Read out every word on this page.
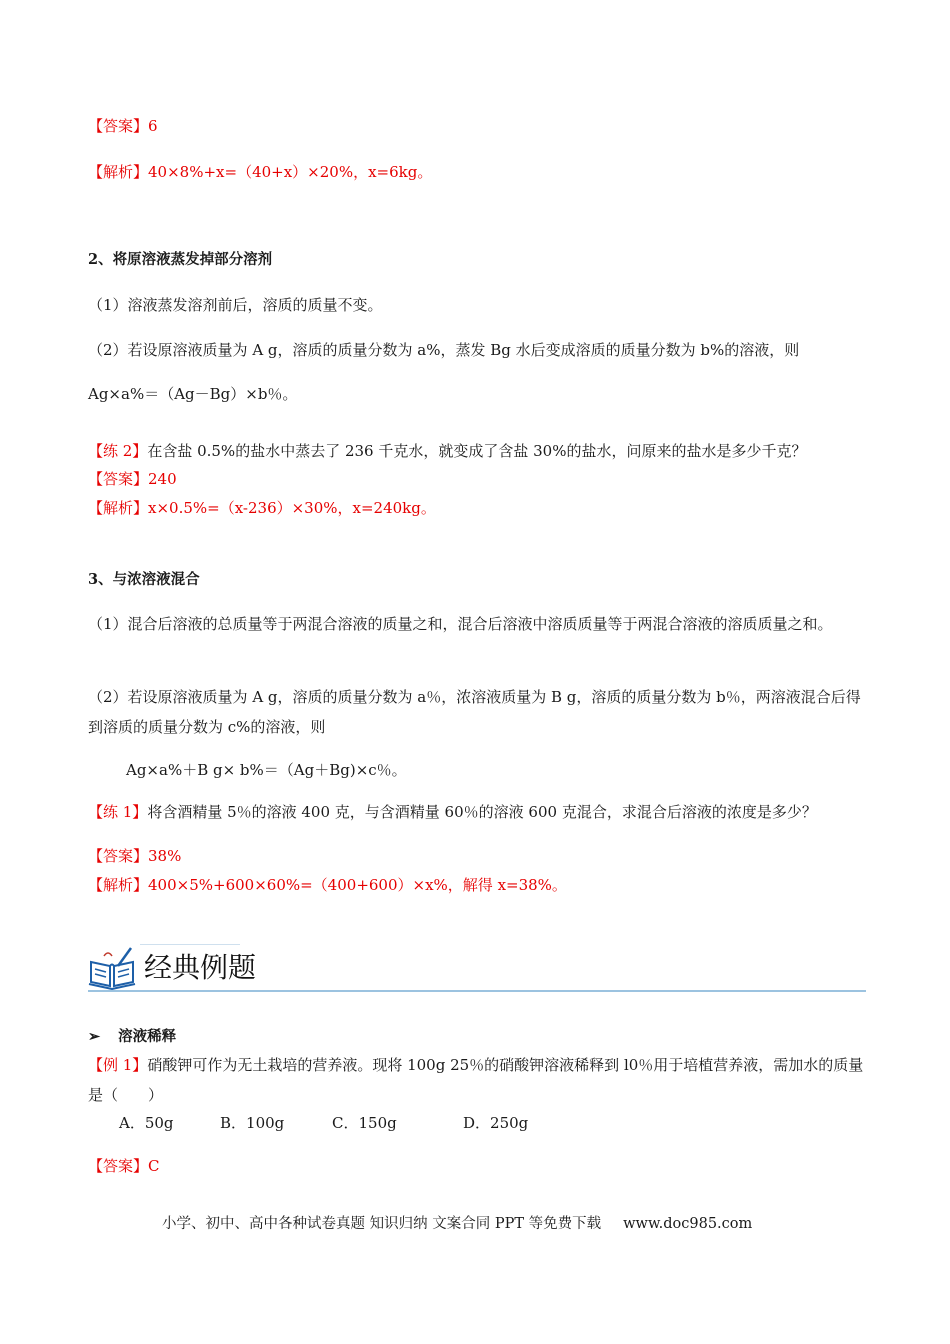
【答案】6
【解析】40×8%+x=（40+x）×20%，x=6kg。
2、将原溶液蒸发掉部分溶剂
（1）溶液蒸发溶剂前后，溶质的质量不变。
（2）若设原溶液质量为 A g，溶质的质量分数为 a%，蒸发 Bg 水后变成溶质的质量分数为 b%的溶液，则
Ag×a%＝（Ag－Bg）×b％。
【练 2】在含盐 0.5%的盐水中蒸去了 236 千克水，就变成了含盐 30%的盐水，问原来的盐水是多少千克？
【答案】240
【解析】x×0.5%=（x-236）×30%，x=240kg。
3、与浓溶液混合
（1）混合后溶液的总质量等于两混合溶液的质量之和，混合后溶液中溶质质量等于两混合溶液的溶质质量之和。
（2）若设原溶液质量为 A g，溶质的质量分数为 a％，浓溶液质量为 B g，溶质的质量分数为 b％，两溶液混合后得到溶质的质量分数为 c%的溶液，则
Ag×a%＋B g× b%＝（Ag＋Bg)×c％。
【练 1】将含酒精量 5％的溶液 400 克，与含酒精量 60％的溶液 600 克混合，求混合后溶液的浓度是多少？
【答案】38%
【解析】400×5%+600×60%=（400+600）×x%，解得 x=38%。
经典例题
➢ 溶液稀释
【例 1】硝酸钾可作为无土栽培的营养液。现将 100g 25％的硝酸钾溶液稀释到 l0％用于培植营养液，需加水的质量是（　　）
A．50g	B．100g	C．150g	D．250g
【答案】C
小学、初中、高中各种试卷真题 知识归纳 文案合同 PPT 等免费下载 www.doc985.com
